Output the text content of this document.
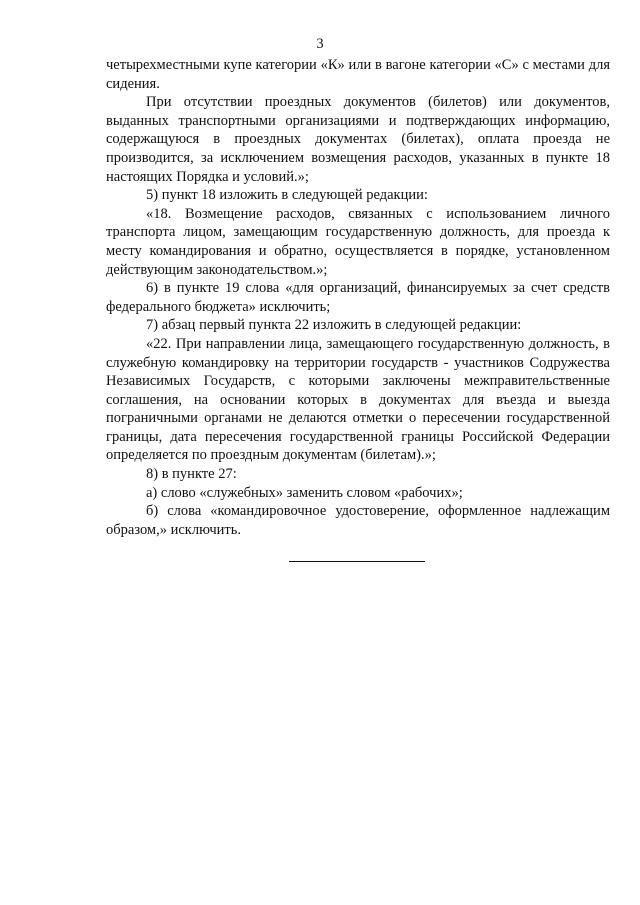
3

четырехместными купе категории «К» или в вагоне категории «С» с местами для сидения.

При отсутствии проездных документов (билетов) или документов, выданных транспортными организациями и подтверждающих информацию, содержащуюся в проездных документах (билетах), оплата проезда не производится, за исключением возмещения расходов, указанных в пункте 18 настоящих Порядка и условий.»;

5) пункт 18 изложить в следующей редакции:

«18. Возмещение расходов, связанных с использованием личного транспорта лицом, замещающим государственную должность, для проезда к месту командирования и обратно, осуществляется в порядке, установленном действующим законодательством.»;

6) в пункте 19 слова «для организаций, финансируемых за счет средств федерального бюджета» исключить;

7) абзац первый пункта 22 изложить в следующей редакции:

«22. При направлении лица, замещающего государственную должность, в служебную командировку на территории государств - участников Содружества Независимых Государств, с которыми заключены межправительственные соглашения, на основании которых в документах для въезда и выезда пограничными органами не делаются отметки о пересечении государственной границы, дата пересечения государственной границы Российской Федерации определяется по проездным документам (билетам).»;

8) в пункте 27:

а) слово «служебных» заменить словом «рабочих»;

б) слова «командировочное удостоверение, оформленное надлежащим образом,» исключить.
